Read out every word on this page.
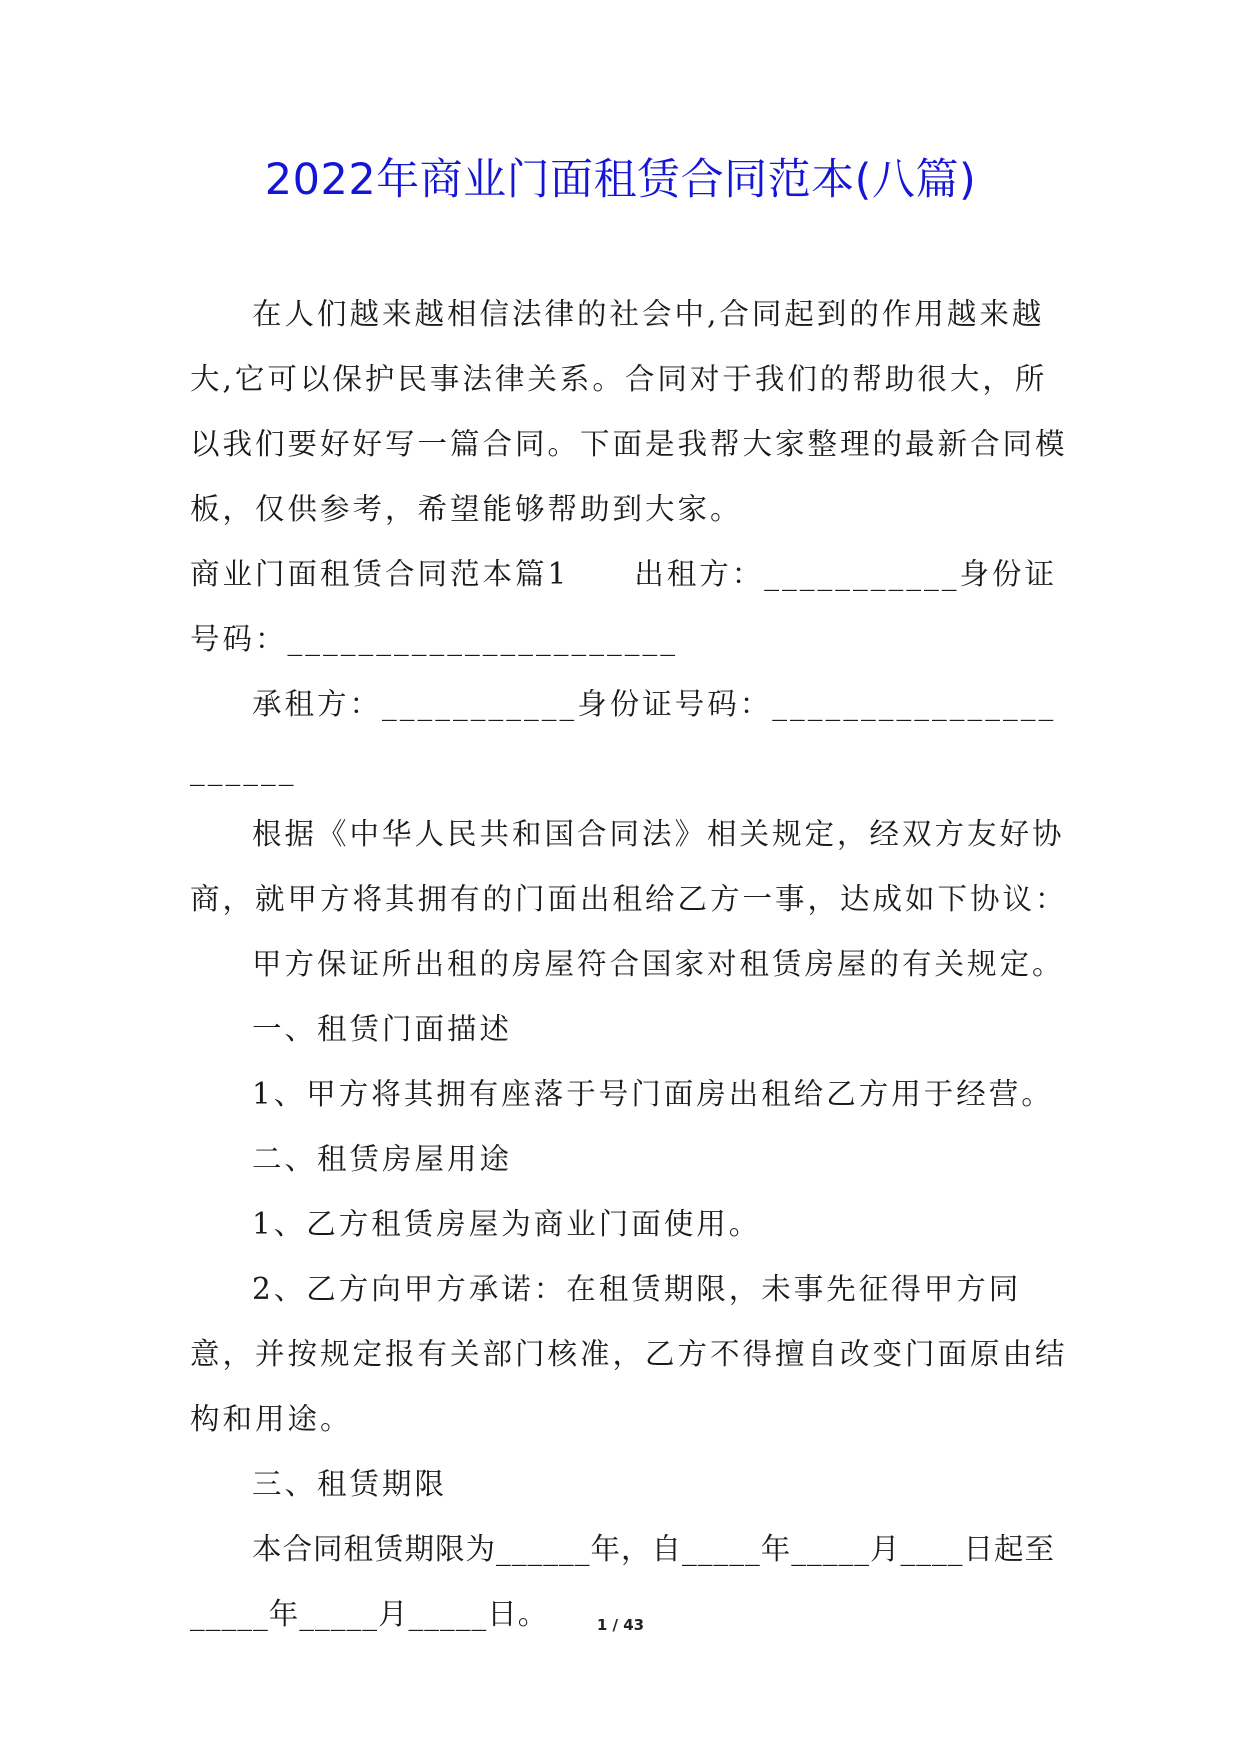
2022年商业门面租赁合同范本(八篇)

在人们越来越相信法律的社会中,合同起到的作用越来越大,它可以保护民事法律关系。合同对于我们的帮助很大，所以我们要好好写一篇合同。下面是我帮大家整理的最新合同模板，仅供参考，希望能够帮助到大家。

商业门面租赁合同范本篇1　　出租方：___________身份证号码：______________________

承租方：___________身份证号码：______________________

根据《中华人民共和国合同法》相关规定，经双方友好协商，就甲方将其拥有的门面出租给乙方一事，达成如下协议：

甲方保证所出租的房屋符合国家对租赁房屋的有关规定。

一、租赁门面描述

1、甲方将其拥有座落于号门面房出租给乙方用于经营。

二、租赁房屋用途

1、乙方租赁房屋为商业门面使用。

2、乙方向甲方承诺：在租赁期限，未事先征得甲方同意，并按规定报有关部门核准，乙方不得擅自改变门面原由结构和用途。

三、租赁期限

本合同租赁期限为______年，自_____年_____月____日起至_____年_____月_____日。	1 / 43
